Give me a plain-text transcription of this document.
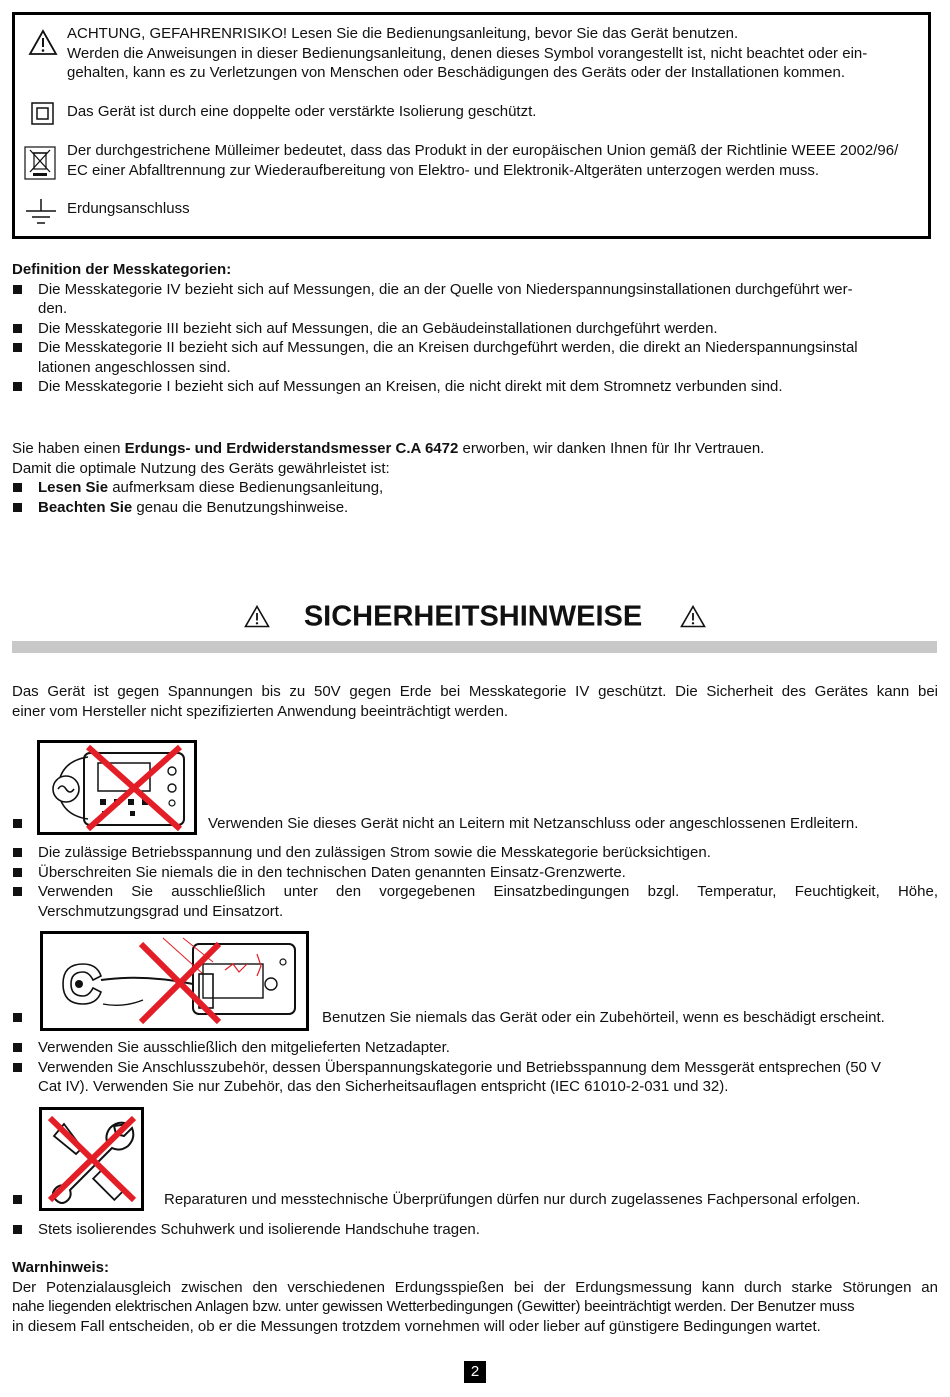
ACHTUNG, GEFAHRENRISIKO! Lesen Sie die Bedienungsanleitung, bevor Sie das Gerät benutzen.
Werden die Anweisungen in dieser Bedienungsanleitung, denen dieses Symbol vorangestellt ist, nicht beachtet oder ein-
gehalten, kann es zu Verletzungen von Menschen oder Beschädigungen des Geräts oder der Installationen kommen.
Das Gerät ist durch eine doppelte oder verstärkte Isolierung geschützt.
Der durchgestrichene Mülleimer bedeutet, dass das Produkt in der europäischen Union gemäß der Richtlinie WEEE 2002/96/
EC einer Abfalltrennung zur Wiederaufbereitung von Elektro- und Elektronik-Altgeräten unterzogen werden muss.
Erdungsanschluss
Definition der Messkategorien:
Die Messkategorie IV bezieht sich auf Messungen, die an der Quelle von Niederspannungsinstallationen durchgeführt wer-
den.
Die Messkategorie III bezieht sich auf Messungen, die an Gebäudeinstallationen durchgeführt werden.
Die Messkategorie II bezieht sich auf Messungen, die an Kreisen durchgeführt werden, die direkt an Niederspannungsinstal
lationen angeschlossen sind.
Die Messkategorie I bezieht sich auf Messungen an Kreisen, die nicht direkt mit dem Stromnetz verbunden sind.
Sie haben einen Erdungs- und Erdwiderstandsmesser C.A 6472 erworben, wir danken Ihnen für Ihr Vertrauen.
Damit die optimale Nutzung des Geräts gewährleistet ist:
Lesen Sie aufmerksam diese Bedienungsanleitung,
Beachten Sie genau die Benutzungshinweise.
SICHERHEITSHINWEISE
Das Gerät ist gegen Spannungen bis zu 50V gegen Erde bei Messkategorie IV geschützt. Die Sicherheit des Gerätes kann bei
einer vom Hersteller nicht spezifizierten Anwendung beeinträchtigt werden.
Verwenden Sie dieses Gerät nicht an Leitern mit Netzanschluss oder angeschlossenen Erdleitern.
Die zulässige Betriebsspannung und den zulässigen Strom sowie die Messkategorie berücksichtigen.
Überschreiten Sie niemals die in den technischen Daten genannten Einsatz-Grenzwerte.
Verwenden Sie ausschließlich unter den vorgegebenen Einsatzbedingungen bzgl. Temperatur, Feuchtigkeit, Höhe,
Verschmutzungsgrad und Einsatzort.
Benutzen Sie niemals das Gerät oder ein Zubehörteil, wenn es beschädigt erscheint.
Verwenden Sie ausschließlich den mitgelieferten Netzadapter.
Verwenden Sie Anschlusszubehör, dessen Überspannungskategorie und Betriebsspannung dem Messgerät entsprechen (50 V
Cat IV). Verwenden Sie nur Zubehör, das den Sicherheitsauflagen entspricht (IEC 61010-2-031 und 32).
Reparaturen und messtechnische Überprüfungen dürfen nur durch zugelassenes Fachpersonal erfolgen.
Stets isolierendes Schuhwerk und isolierende Handschuhe tragen.
Warnhinweis:
Der Potenzialausgleich zwischen den verschiedenen Erdungsspießen bei der Erdungsmessung kann durch starke Störungen an
nahe liegenden elektrischen Anlagen bzw. unter gewissen Wetterbedingungen (Gewitter) beeinträchtigt werden. Der Benutzer muss
in diesem Fall entscheiden, ob er die Messungen trotzdem vornehmen will oder lieber auf günstigere Bedingungen wartet.
2
